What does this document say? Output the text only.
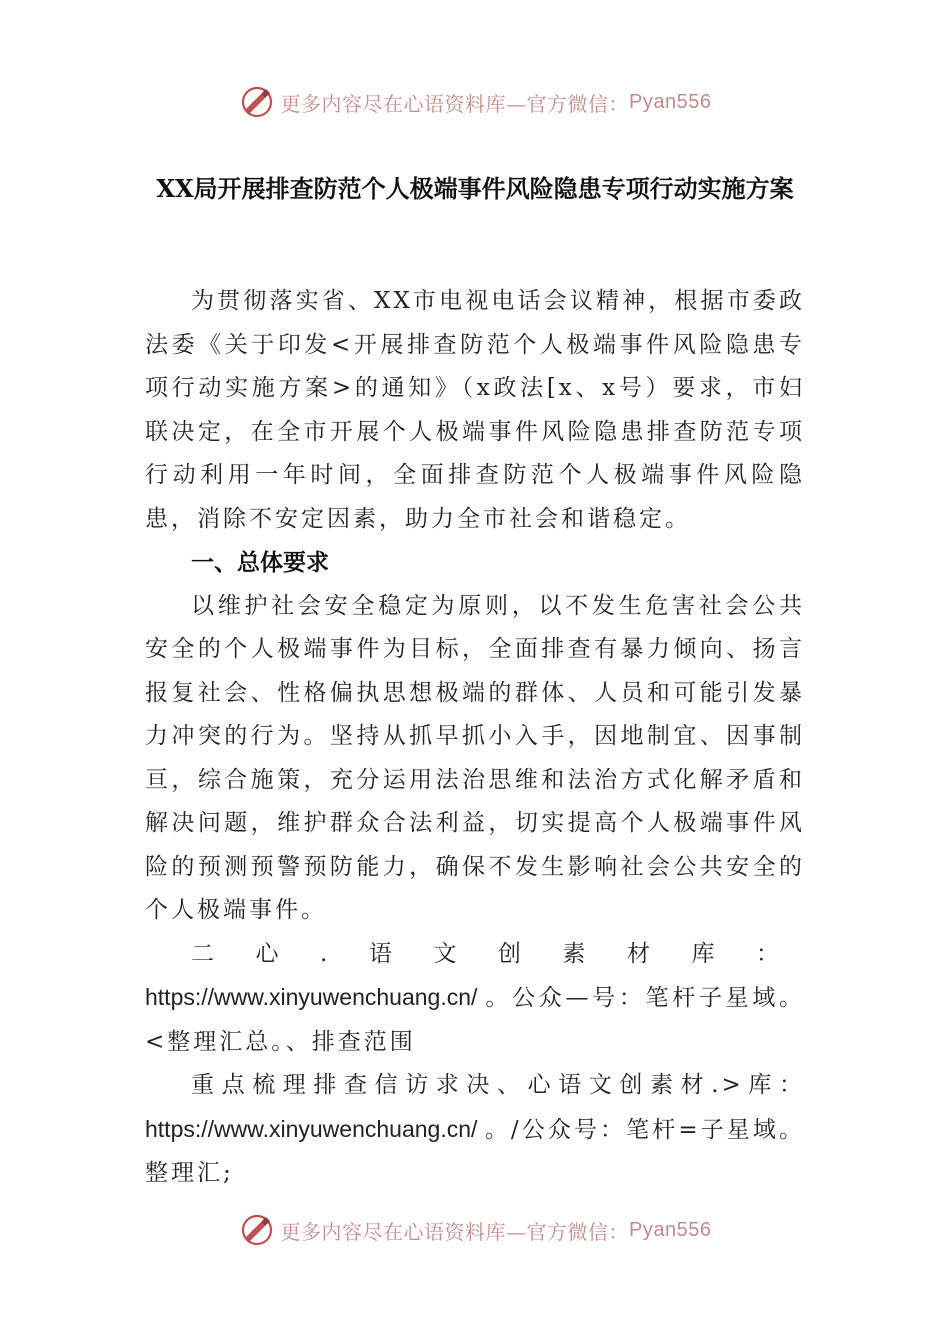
更多内容尽在心语资料库—官方微信： Pyan556
XX局开展排查防范个人极端事件风险隐患专项行动实施方案

为贯彻落实省、XX市电视电话会议精神，根据市委政法委《关于印发<开展排查防范个人极端事件风险隐患专项行动实施方案>的通知》（x政法[x、x号）要求，市妇联决定，在全市开展个人极端事件风险隐患排查防范专项行动利用一年时间，全面排查防范个人极端事件风险隐患，消除不安定因素，助力全市社会和谐稳定。

一、总体要求

以维护社会安全稳定为原则，以不发生危害社会公共安全的个人极端事件为目标，全面排查有暴力倾向、扬言报复社会、性格偏执思想极端的群体、人员和可能引发暴力冲突的行为。坚持从抓早抓小入手，因地制宜、因事制亘，综合施策，充分运用法治思维和法治方式化解矛盾和解决问题，维护群众合法利益，切实提高个人极端事件风险的预测预警预防能力，确保不发生影响社会公共安全的个人极端事件。

二心.语文创素材库： https://www.xinyuwenchuang.cn/ 。公众—号：笔杆子星域。<整理汇总。、排查范围

重点梳理排查信访求决、心语文创素材.>库： https://www.xinyuwenchuang.cn/ 。/公众号：笔杆=子星域。整理汇;

更多内容尽在心语资料库—官方微信： Pyan556
